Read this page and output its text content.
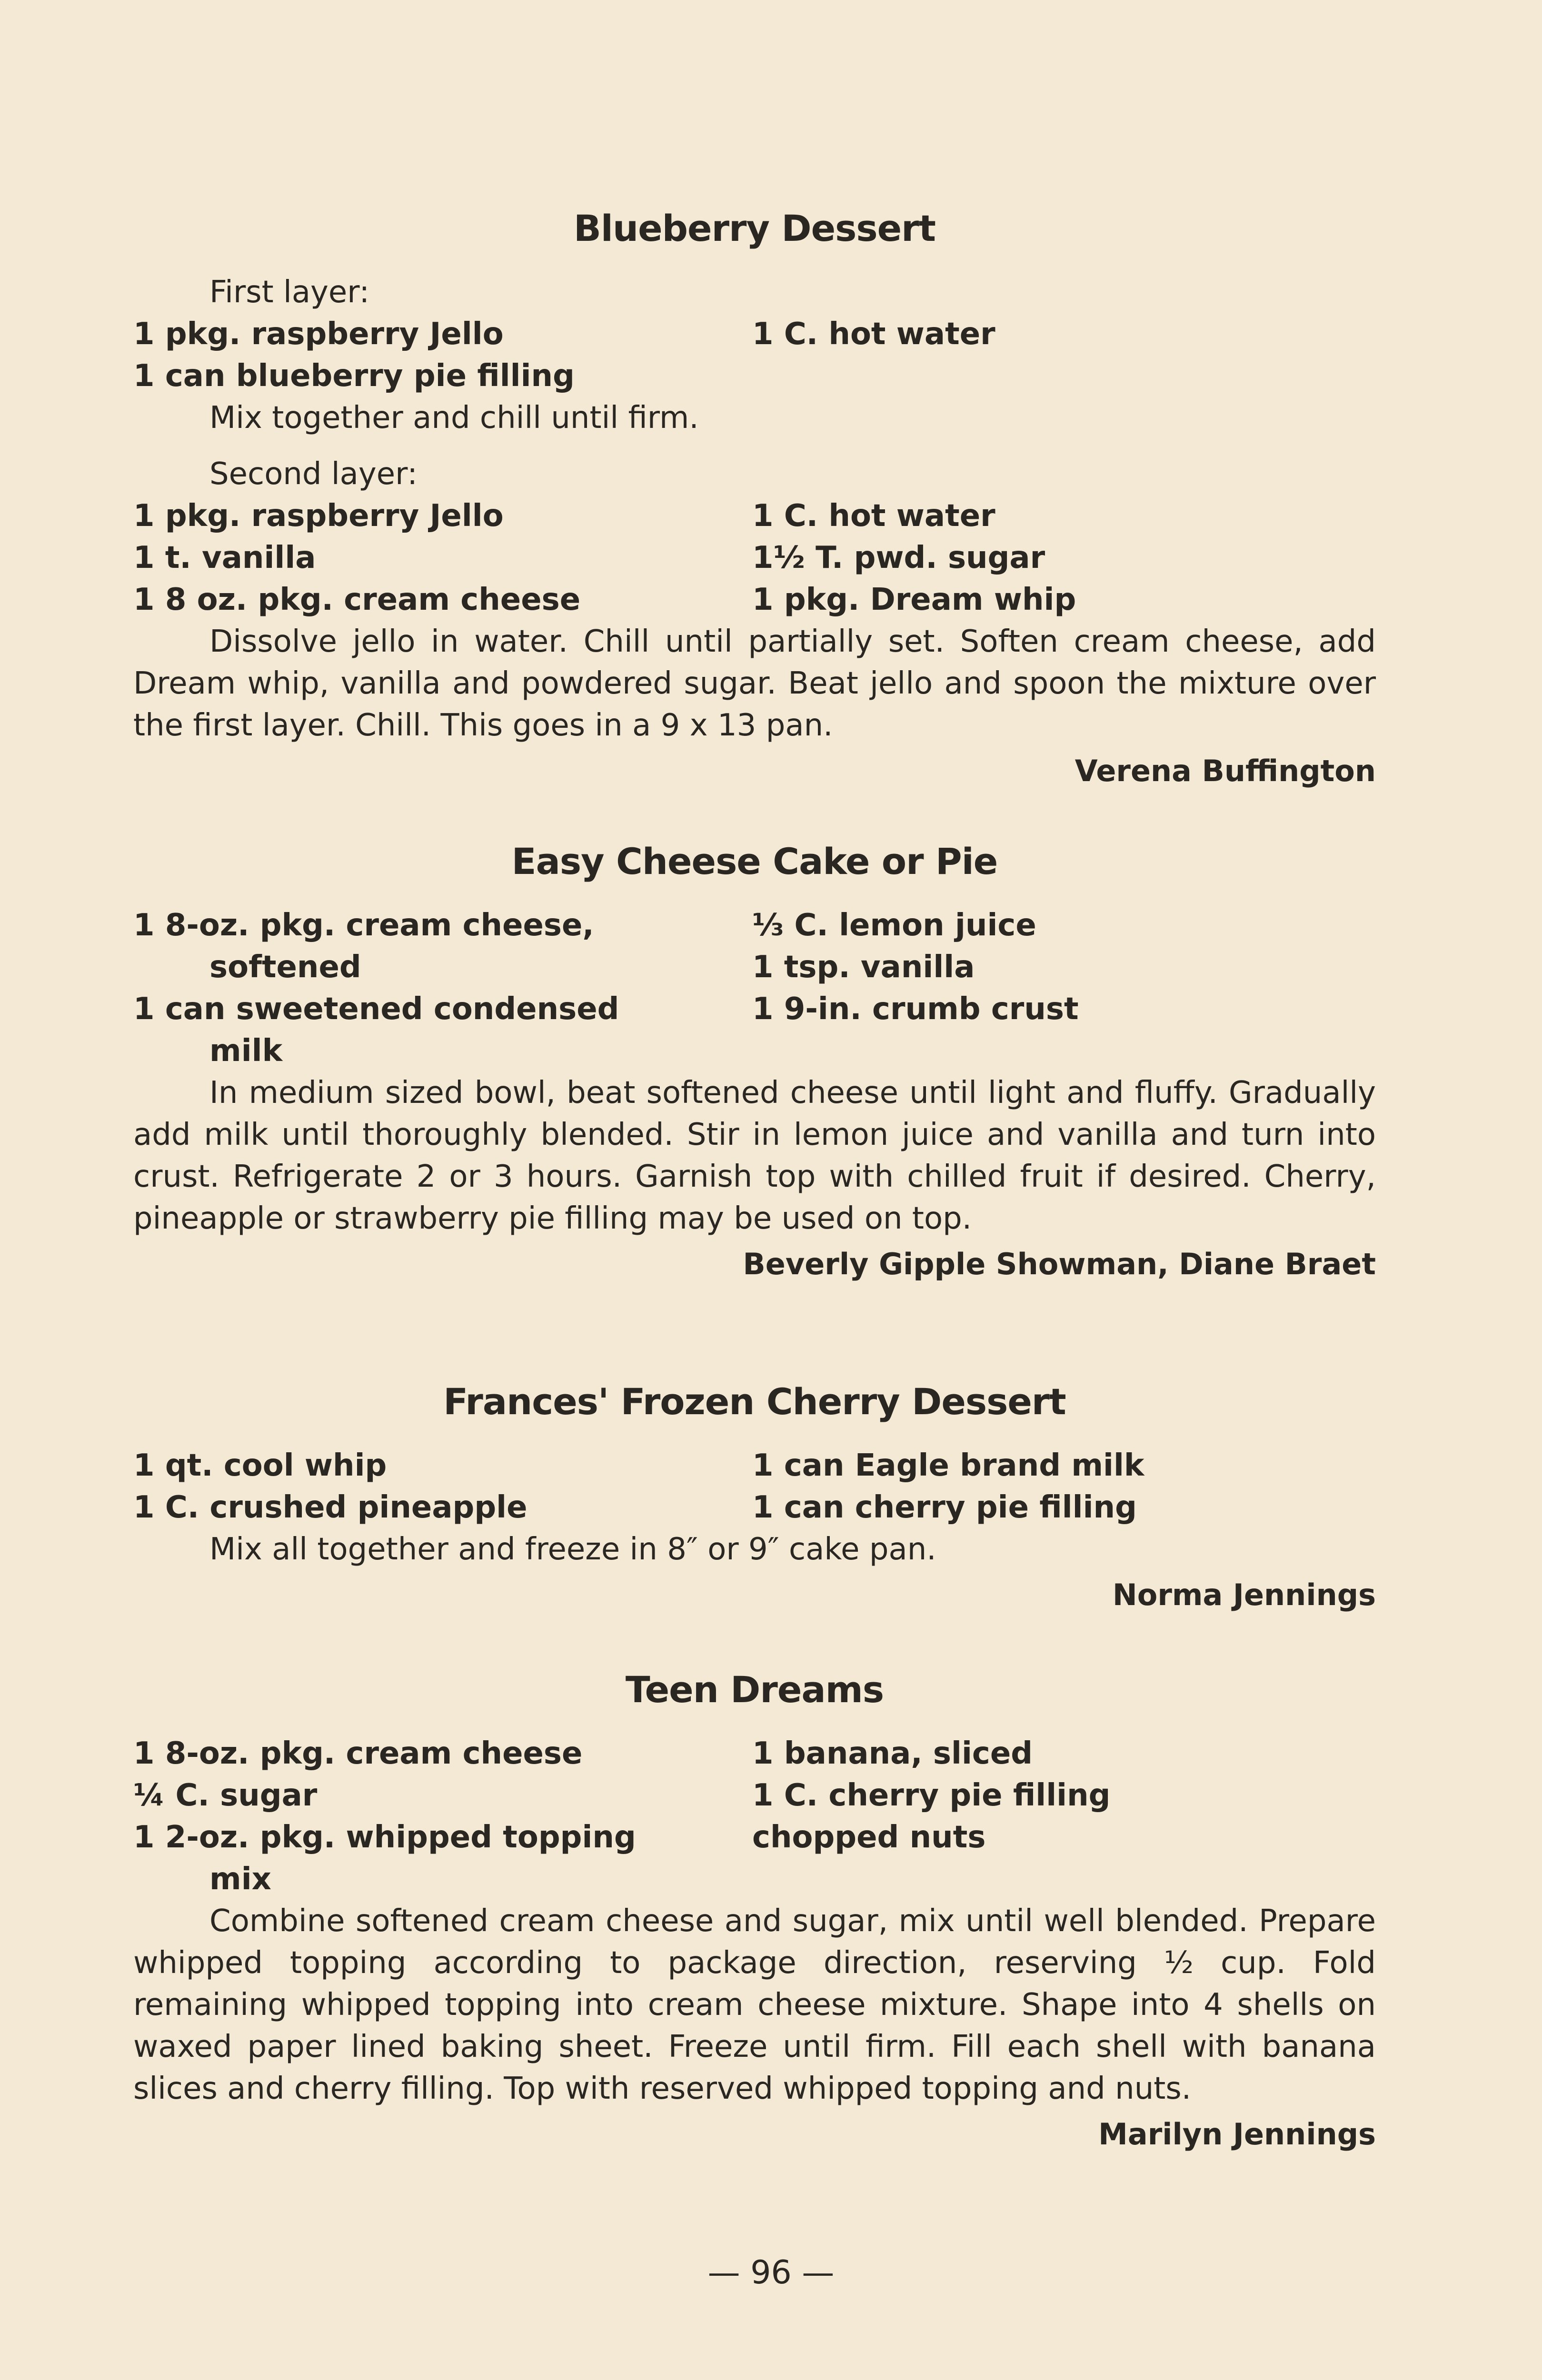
Blueberry Dessert
First layer:
1 pkg. raspberry Jello
1 can blueberry pie filling
1 C. hot water

Mix together and chill until firm.

Second layer:
1 pkg. raspberry Jello
1 t. vanilla
1 8 oz. pkg. cream cheese
1 C. hot water
1½ T. pwd. sugar
1 pkg. Dream whip

Dissolve jello in water. Chill until partially set. Soften cream cheese, add Dream whip, vanilla and powdered sugar. Beat jello and spoon the mixture over the first layer. Chill. This goes in a 9 x 13 pan.

Verena Buffington
Easy Cheese Cake or Pie
1 8-oz. pkg. cream cheese,
softened
1 can sweetened condensed
milk
⅓ C. lemon juice
1 tsp. vanilla
1 9-in. crumb crust

In medium sized bowl, beat softened cheese until light and fluffy. Gradually add milk until thoroughly blended. Stir in lemon juice and vanilla and turn into crust. Refrigerate 2 or 3 hours. Garnish top with chilled fruit if desired. Cherry, pineapple or strawberry pie filling may be used on top.

Beverly Gipple Showman, Diane Braet
Frances' Frozen Cherry Dessert
1 qt. cool whip
1 C. crushed pineapple
1 can Eagle brand milk
1 can cherry pie filling

Mix all together and freeze in 8″ or 9″ cake pan.

Norma Jennings
Teen Dreams
1 8-oz. pkg. cream cheese
¼ C. sugar
1 2-oz. pkg. whipped topping
mix
1 banana, sliced
1 C. cherry pie filling
chopped nuts

Combine softened cream cheese and sugar, mix until well blended. Prepare whipped topping according to package direction, reserving ½ cup. Fold remaining whipped topping into cream cheese mixture. Shape into 4 shells on waxed paper lined baking sheet. Freeze until firm. Fill each shell with banana slices and cherry filling. Top with reserved whipped topping and nuts.

Marilyn Jennings
— 96 —
